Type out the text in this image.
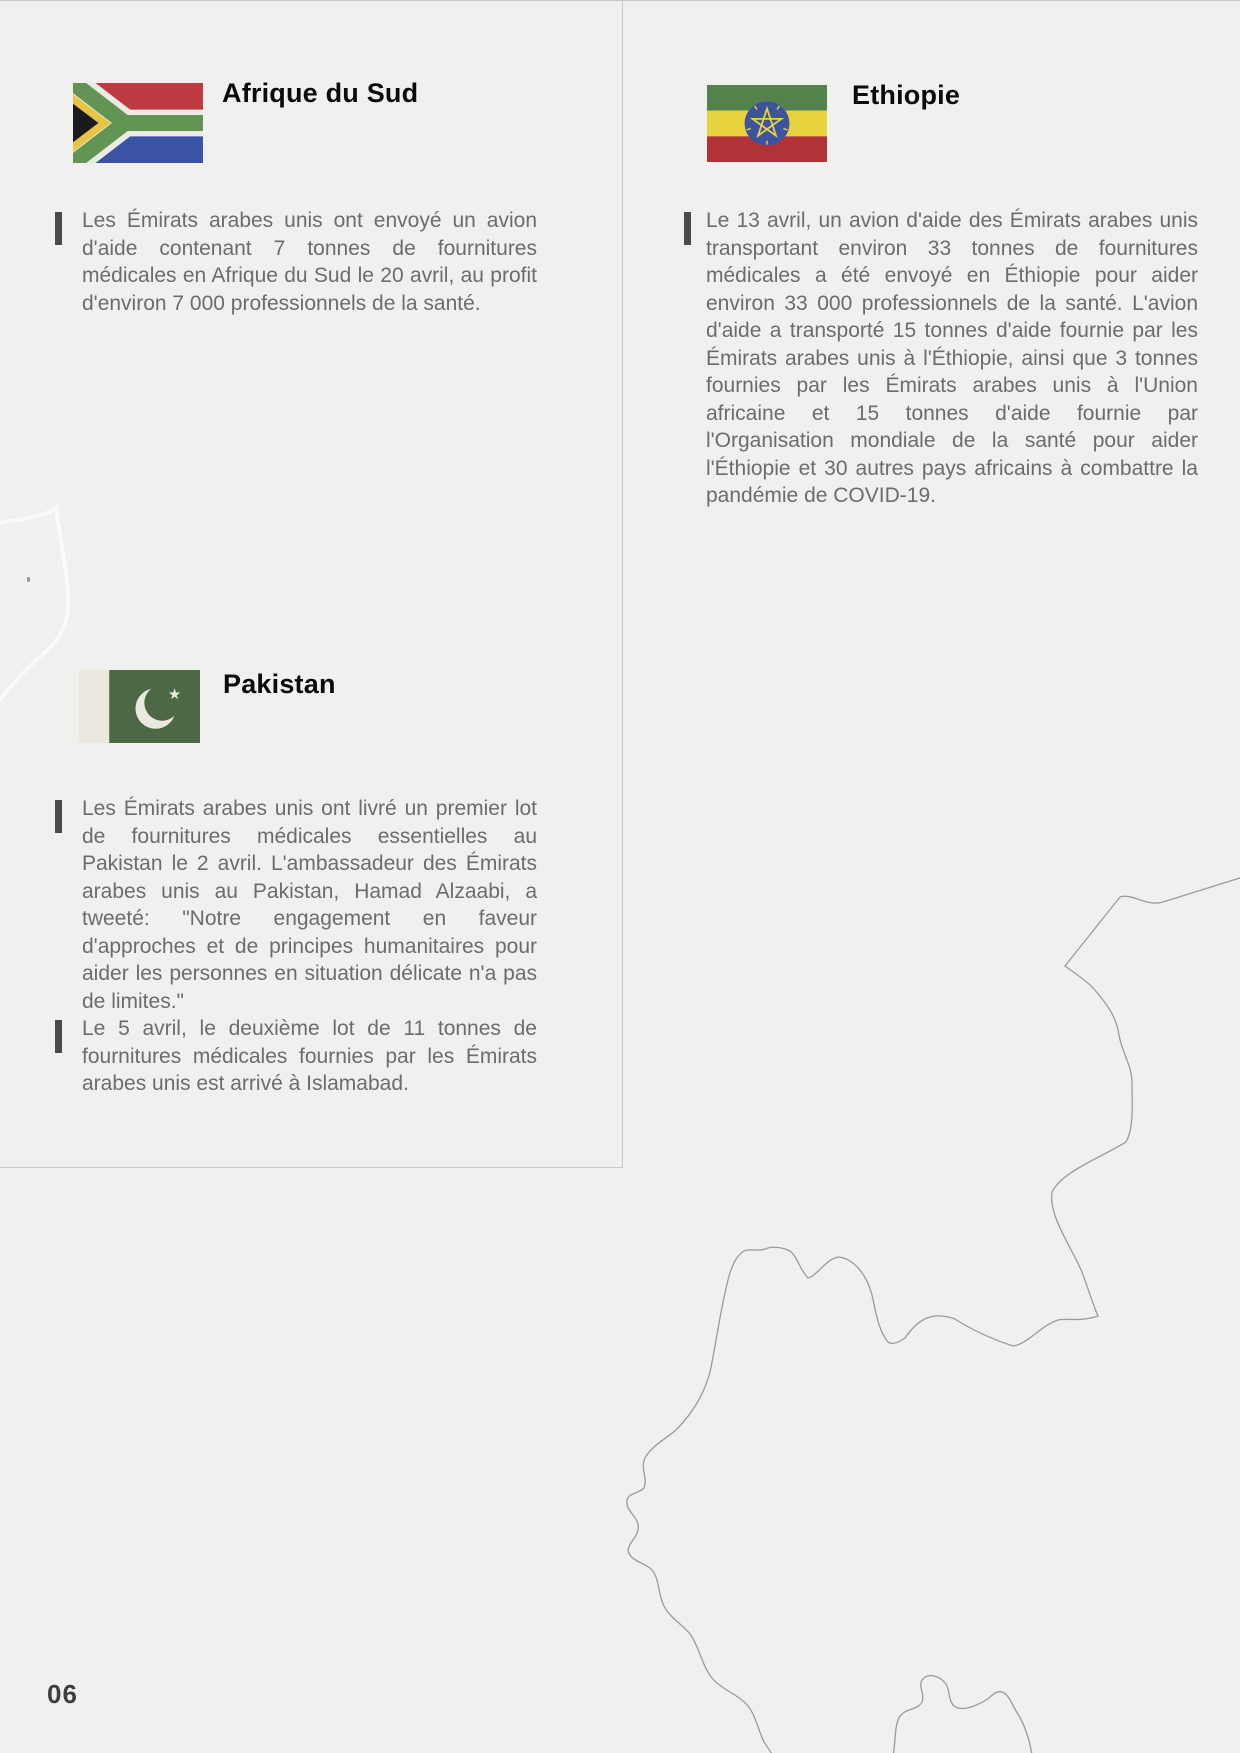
Afrique du Sud

Les Émirats arabes unis ont envoyé un avion d'aide contenant 7 tonnes de fournitures médicales en Afrique du Sud le 20 avril, au profit d'environ 7 000 professionnels de la santé.

Ethiopie

Le 13 avril, un avion d'aide des Émirats arabes unis transportant environ 33 tonnes de fournitures médicales a été envoyé en Éthiopie pour aider environ 33 000 professionnels de la santé. L'avion d'aide a transporté 15 tonnes d'aide fournie par les Émirats arabes unis à l'Éthiopie, ainsi que 3 tonnes fournies par les Émirats arabes unis à l'Union africaine et 15 tonnes d'aide fournie par l'Organisation mondiale de la santé pour aider l'Éthiopie et 30 autres pays africains à combattre la pandémie de COVID-19.

Pakistan

Les Émirats arabes unis ont livré un premier lot de fournitures médicales essentielles au Pakistan le 2 avril. L'ambassadeur des Émirats arabes unis au Pakistan, Hamad Alzaabi, a tweeté: "Notre engagement en faveur d'approches et de principes humanitaires pour aider les personnes en situation délicate n'a pas de limites."

Le 5 avril, le deuxième lot de 11 tonnes de fournitures médicales fournies par les Émirats arabes unis est arrivé à Islamabad.

06
